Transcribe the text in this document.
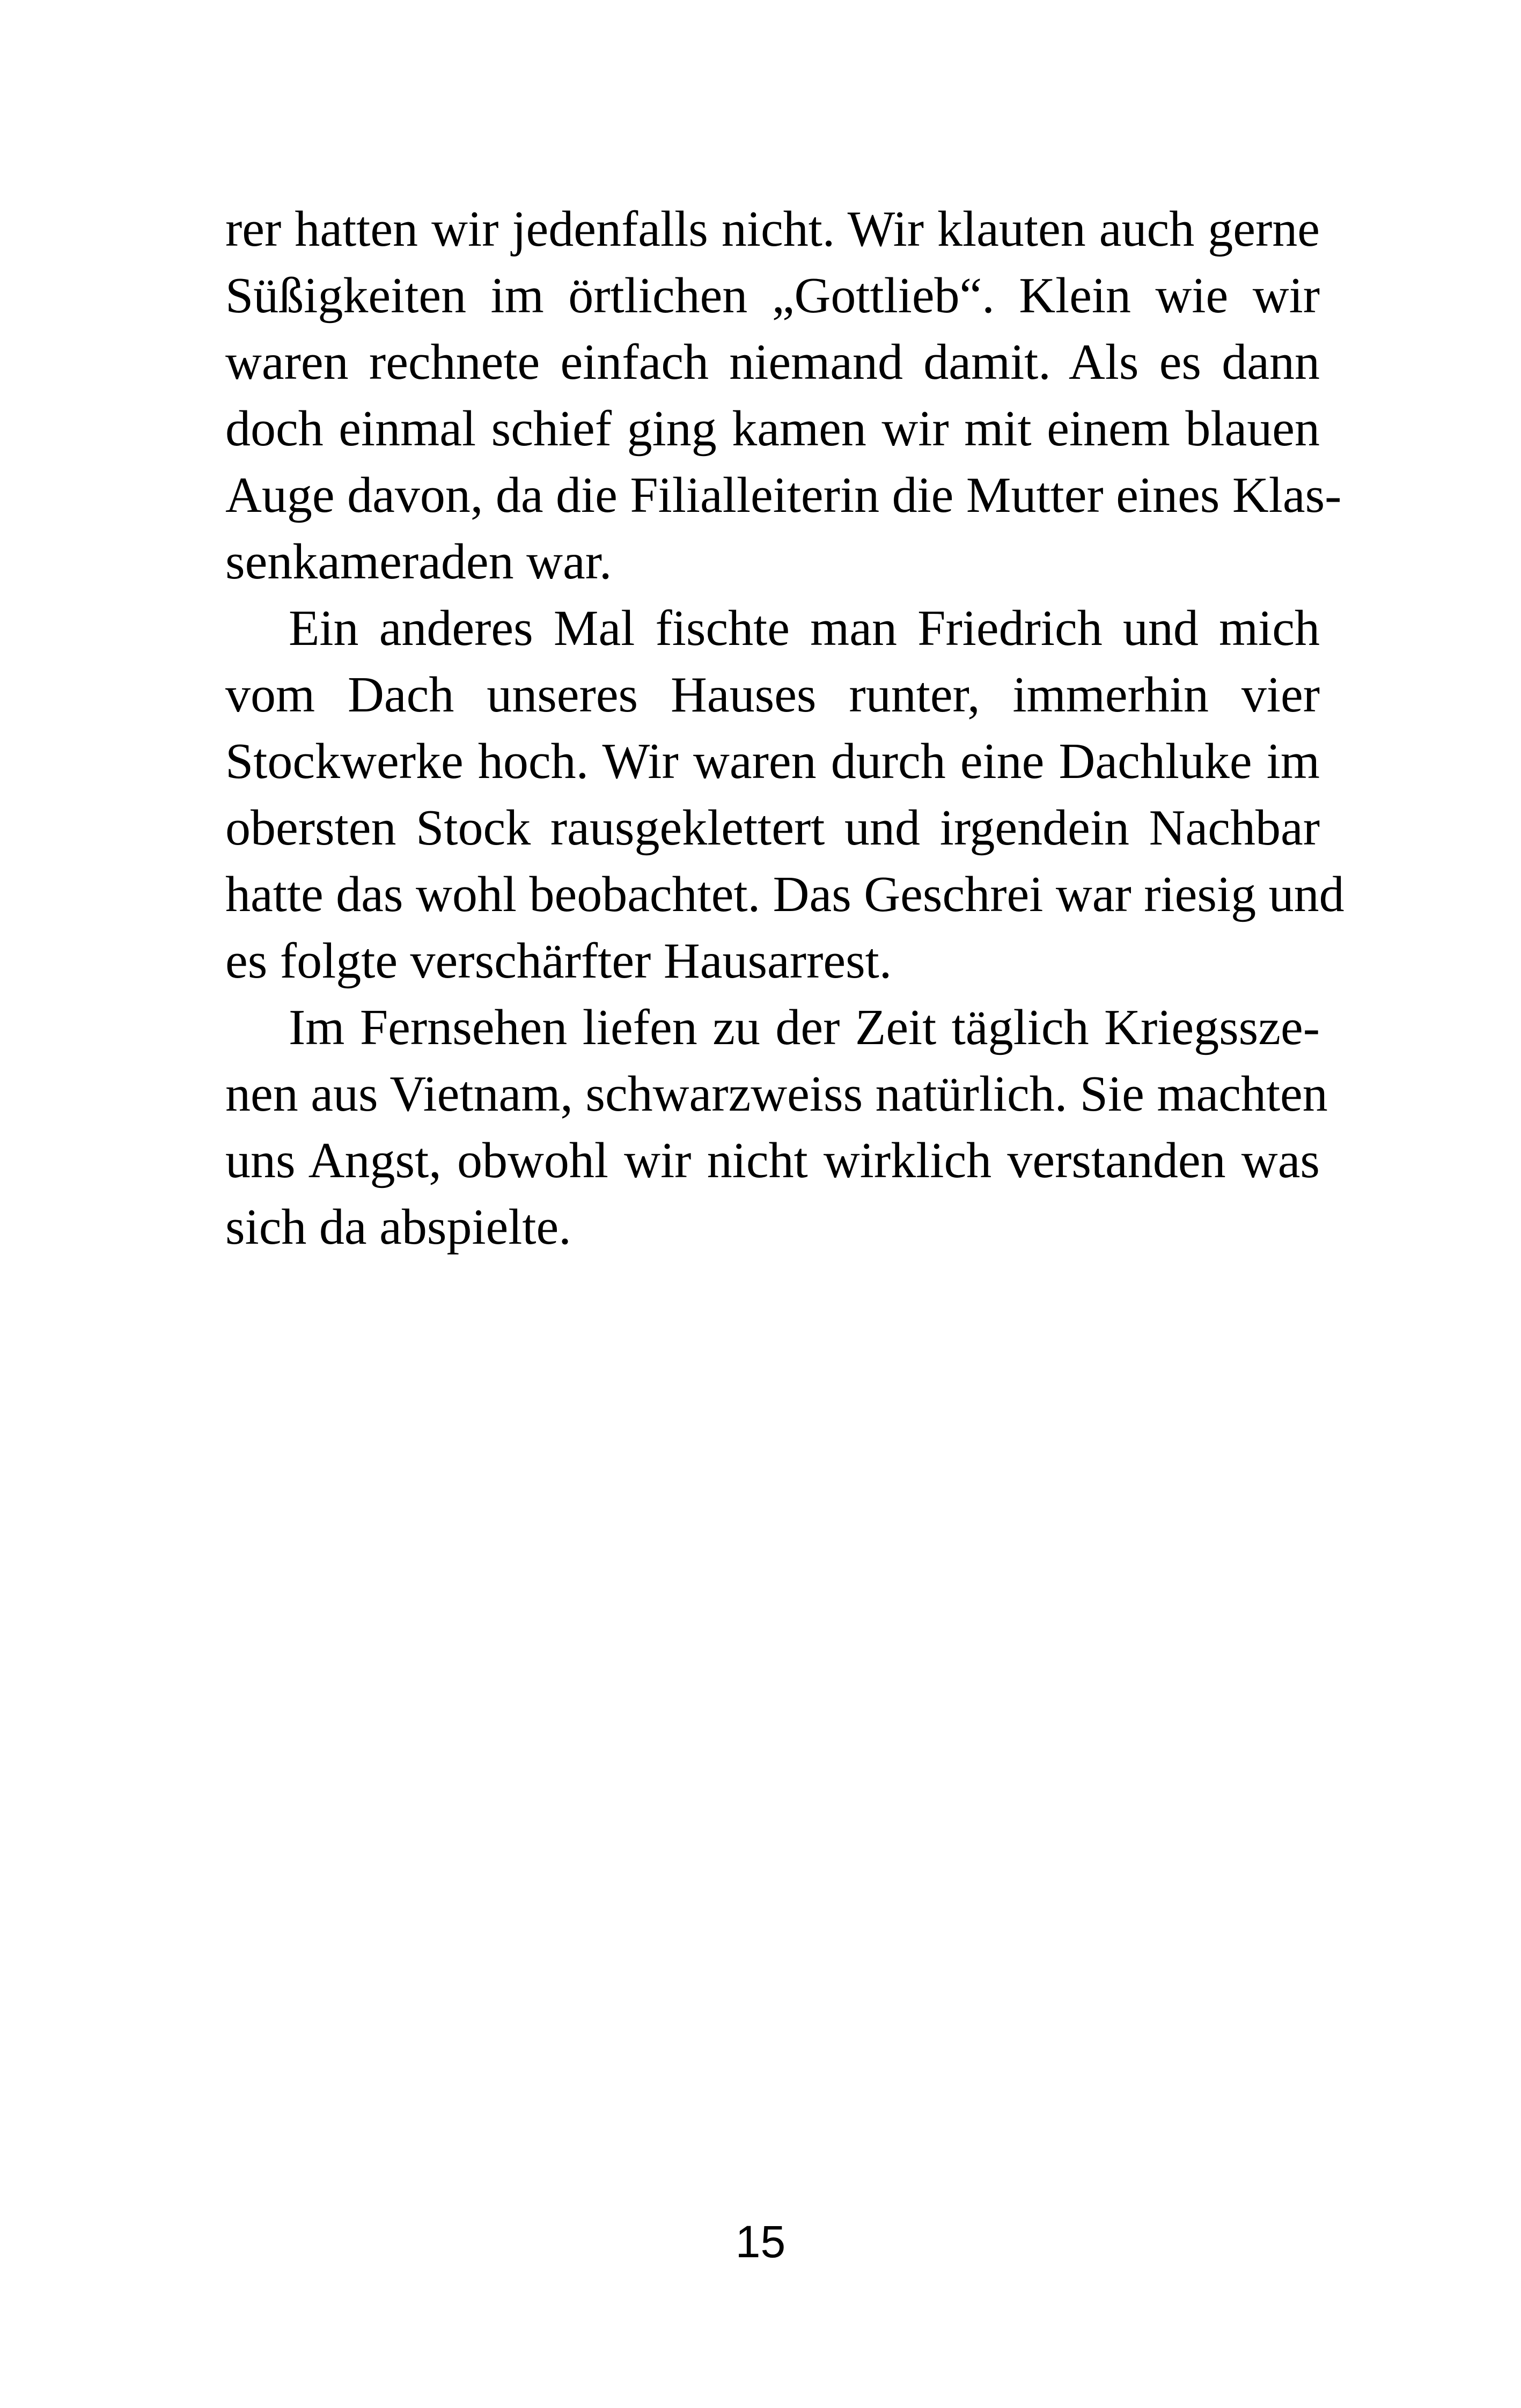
rer hatten wir jedenfalls nicht. Wir klauten auch gerne
Süßigkeiten im örtlichen „Gottlieb“. Klein wie wir
waren rechnete einfach niemand damit. Als es dann
doch einmal schief ging kamen wir mit einem blauen
Auge davon, da die Filialleiterin die Mutter eines Klas-
senkameraden war.
Ein anderes Mal fischte man Friedrich und mich
vom Dach unseres Hauses runter, immerhin vier
Stockwerke hoch. Wir waren durch eine Dachluke im
obersten Stock rausgeklettert und irgendein Nachbar
hatte das wohl beobachtet. Das Geschrei war riesig und
es folgte verschärfter Hausarrest.
Im Fernsehen liefen zu der Zeit täglich Kriegssze-
nen aus Vietnam, schwarzweiss natürlich. Sie machten
uns Angst, obwohl wir nicht wirklich verstanden was
sich da abspielte.
15
